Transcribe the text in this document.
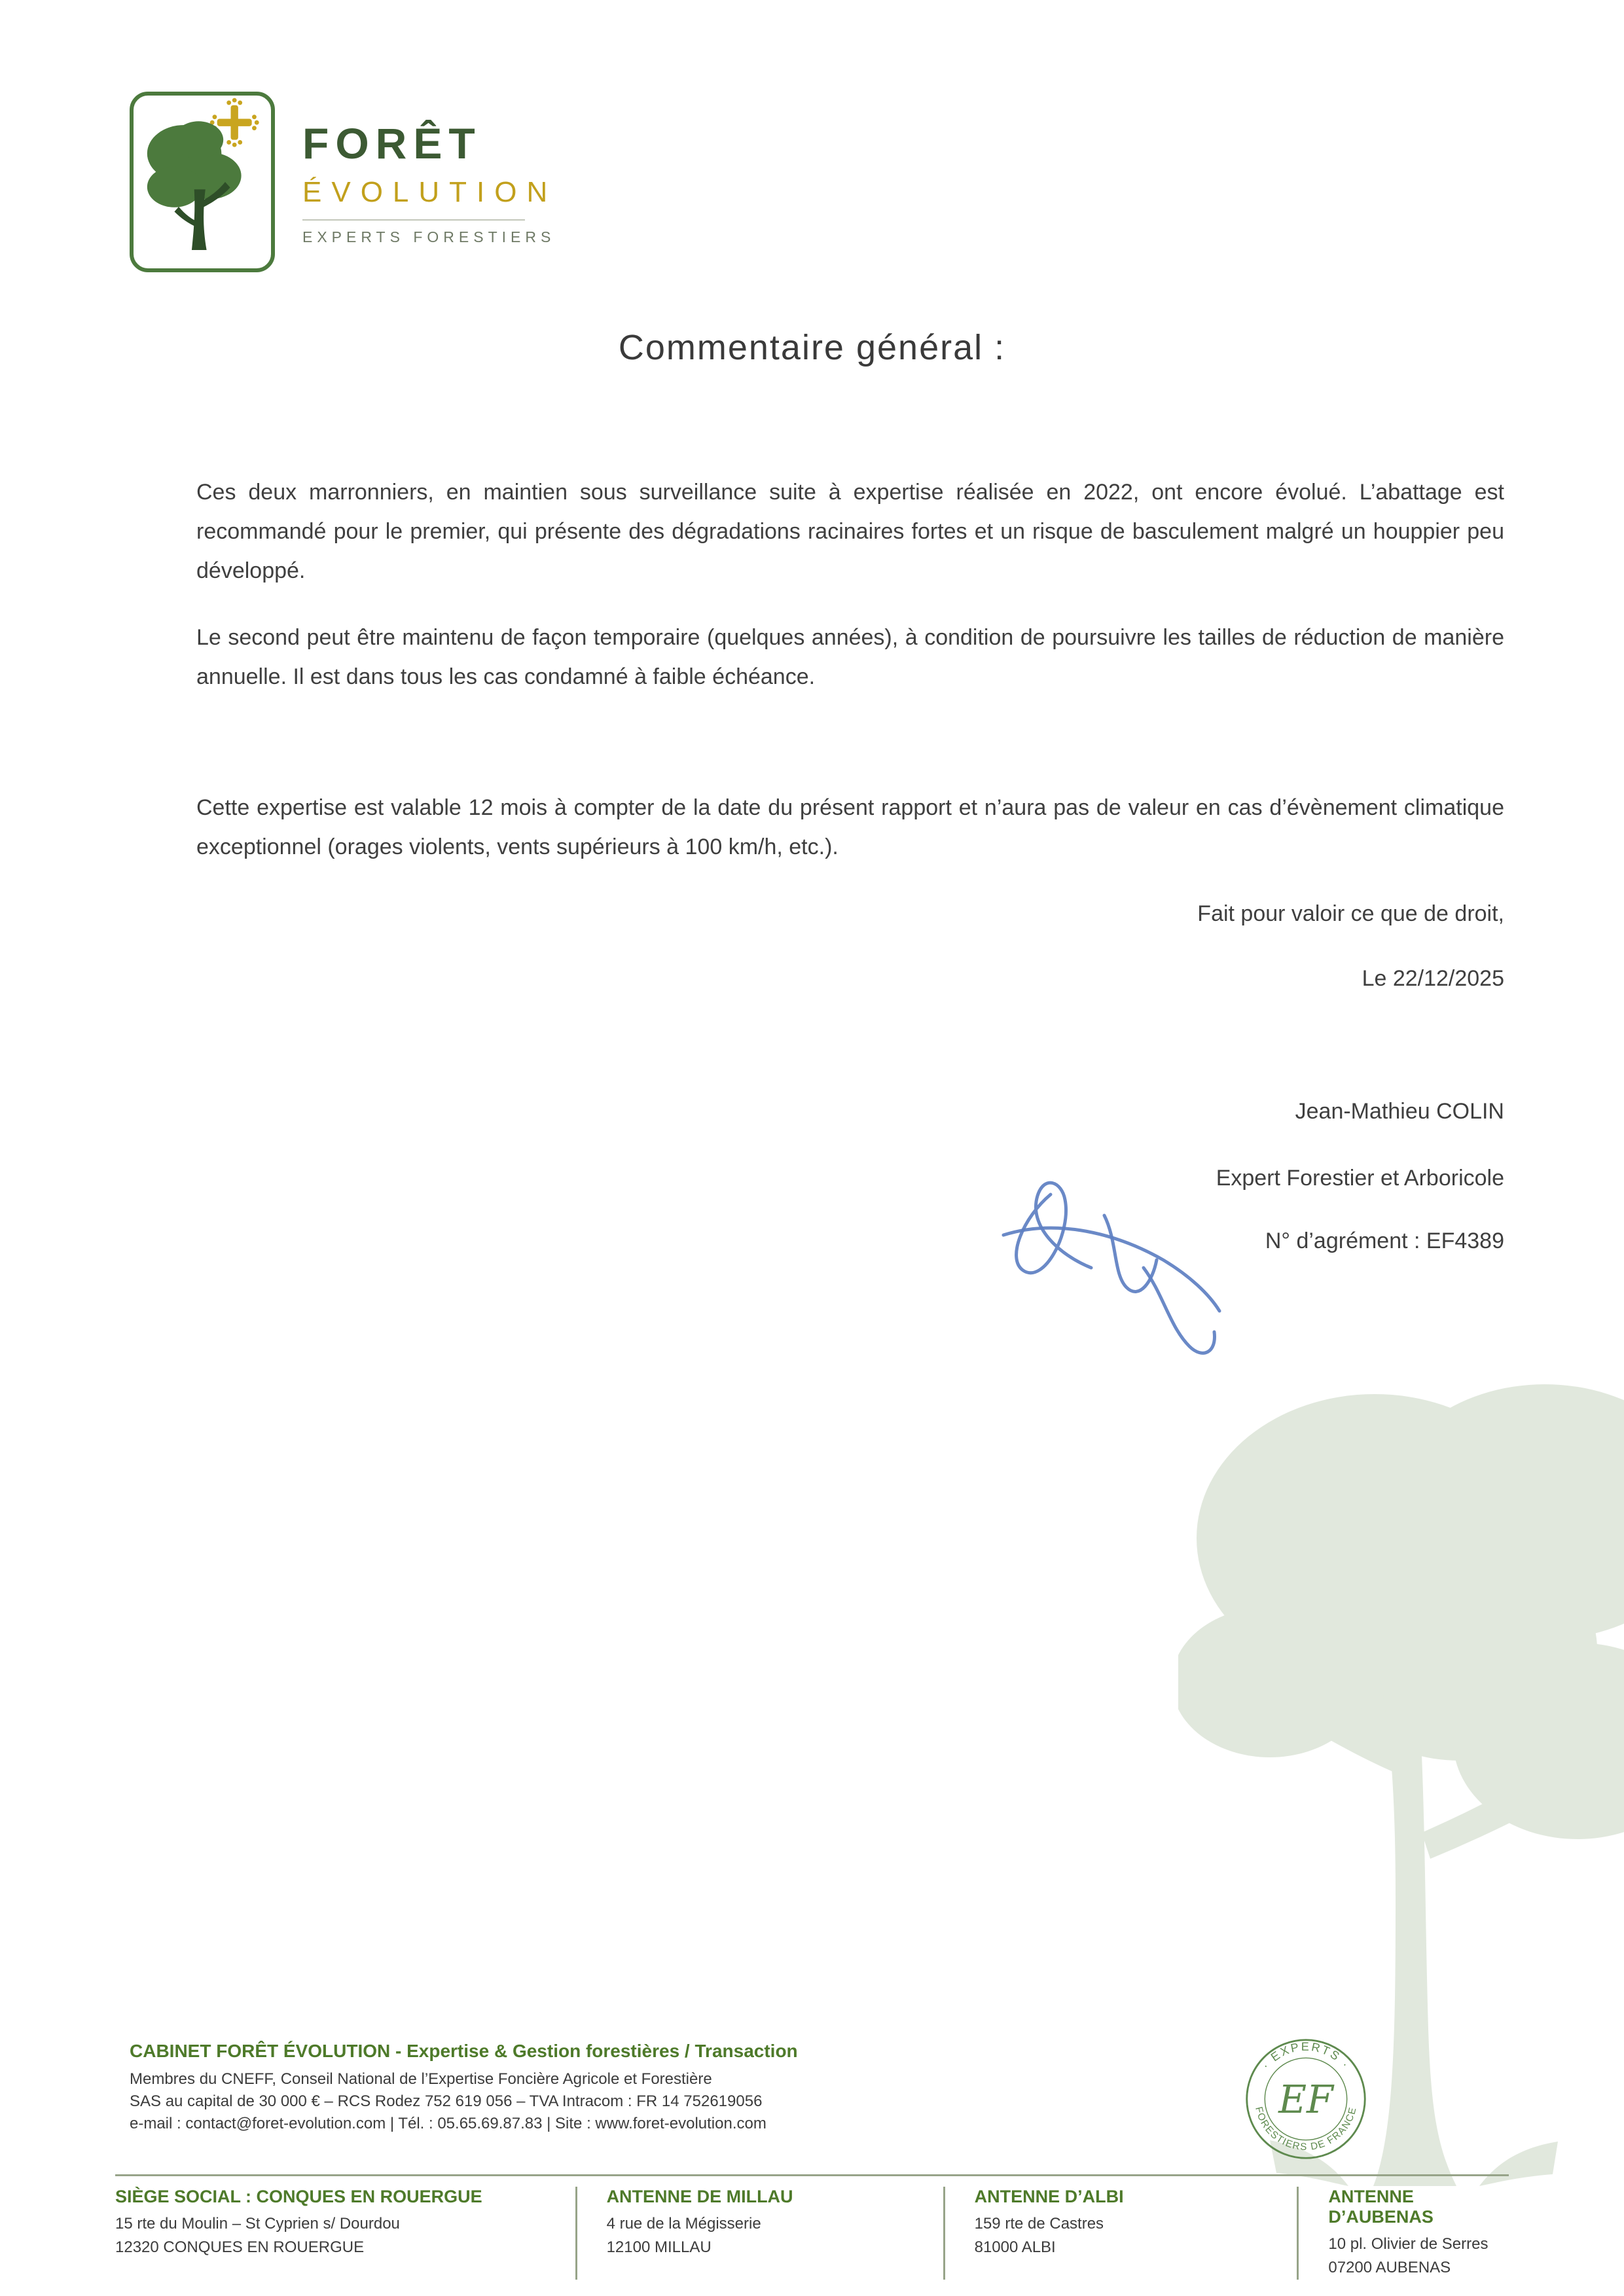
FORÊT
ÉVOLUTION
EXPERTS FORESTIERS
Commentaire général :

Ces deux marronniers, en maintien sous surveillance suite à expertise réalisée en 2022, ont encore évolué. L’abattage est recommandé pour le premier, qui présente des dégradations racinaires fortes et un risque de basculement malgré un houppier peu développé.

Le second peut être maintenu de façon temporaire (quelques années), à condition de poursuivre les tailles de réduction de manière annuelle. Il est dans tous les cas condamné à faible échéance.

Cette expertise est valable 12 mois à compter de la date du présent rapport et n’aura pas de valeur en cas d’évènement climatique exceptionnel (orages violents, vents supérieurs à 100 km/h, etc.).

Fait pour valoir ce que de droit,
Le 22/12/2025
Jean-Mathieu COLIN
Expert Forestier et Arboricole
N° d’agrément : EF4389
CABINET FORÊT ÉVOLUTION - Expertise & Gestion forestières / Transaction
Membres du CNEFF, Conseil National de l’Expertise Foncière Agricole et Forestière
SAS au capital de 30 000 € – RCS Rodez 752 619 056 – TVA Intracom : FR 14 752619056
e-mail : contact@foret-evolution.com | Tél. : 05.65.69.87.83 | Site : www.foret-evolution.com
· EXPERTS ·
FORESTIERS DE FRANCE
EF
SIÈGE SOCIAL : CONQUES EN ROUERGUE
15 rte du Moulin – St Cyprien s/ Dourdou
12320 CONQUES EN ROUERGUE
ANTENNE DE MILLAU
4 rue de la Mégisserie
12100 MILLAU
ANTENNE D’ALBI
159 rte de Castres
81000 ALBI
ANTENNE D’AUBENAS
10 pl. Olivier de Serres
07200 AUBENAS
